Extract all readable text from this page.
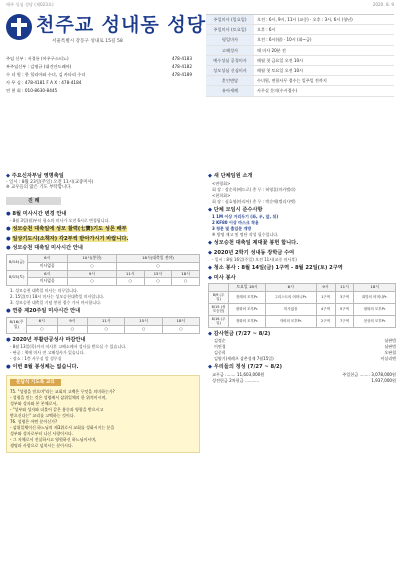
매주 성심 성당 (제023호)	2020. 8. 9
천주교 성내동 성당
서울특별시 강동구 성내로 15길 58
주임 신부 : 서경룡 (아우구스티노)	478-4183
부주임신부 : 김명규 (대건안드레아)	478-4182
수 녀 원 : 한 힐리아와 수녀, 김 카타리 수녀	478-4189
사 무 실 : 478-4181 F A X : 478-4184
연 현 회 : 010-8630-8445
주일미사 (일요일)	오전 : 6시, 9시, 11시 (교중) · 오후 : 3시, 6시 (청년)
주일미사 (토요일)	오후 : 6시
평일미사	오전 : 6시(월) · 10시 (화~금)
고해성사	매 미사 20분 전
예수성심 공경미사	매월 첫 금요일 오전 10시
성모성심 신심미사	매월 첫 토요일 오전 10시
혼인면담	수녀원, 연합사무 접수는 일주일 전까지
유아세례	사무실 문의(수시접수)
◆ 주요신자부님 영명축일
- 일시 : 8월 23일(주일) 오전 11시(교중미사)
※ 교우들의 많은 기도 부탁합니다.
진 례
● 8월 미사시간 변경 안내
- 8월 3일(월)부터 평소의 미사가 오전 6시로 변경됩니다.
● 성모승천 대축일에 성모 찰력(七寶)기도 성몬 배부
● 일상기도시(소책자) 각2부씩 받아가시기 바랍니다.
● 성모승천 대축일 미사시간 안내
8/14(금)	6시	10시(봉헌)	18시(대축일 전야)		
	미사없음	○	○		
8/15(토)	6시	9시	11시	15시	18시
	미사없음	○	○	○	○
1. 성모승천 대축일 미사는 의무입니다.
2. 15일(토) 18시 미사는 성모승천대축일 미사입니다.
3. 성모승천 대축일 기념 봉헌 접수 가서 마시합니다.
● 연중 제20주일 미사시간 안내
8/16(주일)	6시	9시	11시	15시	18시
	○	○	○	○	○
● 2020년 부활판공성사 마감안내
- 8월 13일(목)까지 미사후 고해소에서 성사를 받으실 수 있습니다.
- 판공 : 책에 미사 전 고해성사가 있습니다.
- 장소 : 1층 사무실 앞 성무실
● 이번 8월 봉성체는 없습니다.
문답식 기도목 교리

75. "성령을 믿으며"라는 교회의 고백은 무엇을 의미하는가?

- 성령을 믿는 것은 성령께서 삼위일체의 한 위격이시며,

성부와 성자와 본 본체로서,

- "성부와 성자와 더불어 같은 흠숭과 영광을 받으시고

받으신다는" 교리를 고백하는 것이다.

76. 성령은 어떤 분이신가?

- 삼위일체이신 하느님의 제3위로서 교회를 성화시키는 분을

성부와 성자로부터 나신 사랑이시다.

- 그 자체로서 진실하시고 영원하신 하느님이시며,

생명과 사랑으로 넘치시는 분이시다.

◆ 새 단체임원 소개
<연령회>
회 장 : 장순희(베드로) 총 무 : 허영훈(미카엘라)
<현희회>
회 장 : 심효영(마리아) 총 무 : 박순애(엘리사벳)
◆ 단체 모임시 준수사항
1 1M 이상 거리두기 (좌, 우, 앞, 뒤)
2 KF80 이상 마스크 착용
3 청문 및 출입문 개방
※ 방명 제고 및 명단 작성 필수입니다.
◆ 성모승천 대축일 제대꽃 봉헌 합니다.
◆ 2020년 2학기 성내동 장학금 수여
- 일시 : 8월 16일(주일) 오전 11시(교중 미사후)
◆ 청소 봉사 : 8월 14일(금) 1구역 - 8월 22일(토) 2구역
◆ 미사 봉사
	토요일 18시	6시	9시	11시	18시
8/9 (주일)	전례의 모후Pr.	그리스도의 어머니Pr.	1구역	3구역	희망의 어머니Pr.
8/15 (성모승천)	평화의 모후Pr.	미사없음	4구역	5구역	평화의 모후Pr.
8/16 (주일)	정화의 모후Pr.	자비의 모후Pr.	2구역	7구역	천상의 모후Pr.
◆ 감사헌금 (7/27 ~ 8/2)
김정순	심판범
이연경	심판범
김중희	오판철
김양기(세레츠 삼촌성재 7월15일)	이실리엔
◆ 우리들의 정성 (7/27 ~ 8/2)
교무금 ........ 11,603,000원	주일헌금 ........ 3,078,000원
성전헌금 2차헌금 ...........	1,937,000원
